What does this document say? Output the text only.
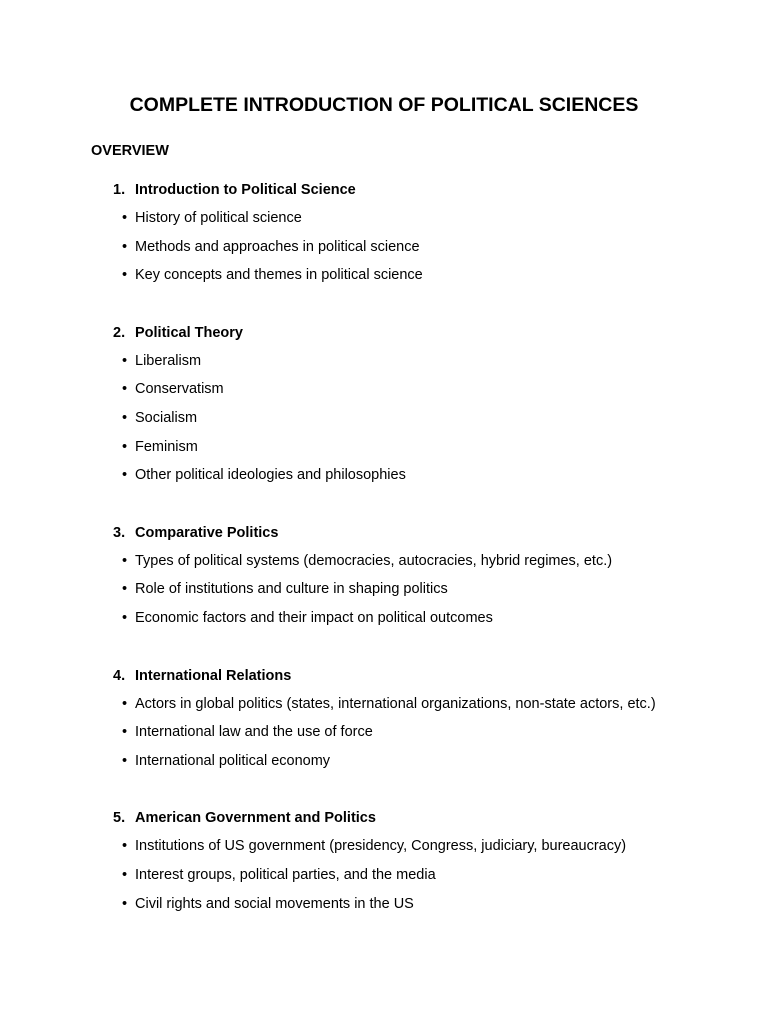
COMPLETE INTRODUCTION OF POLITICAL SCIENCES
OVERVIEW
1. Introduction to Political Science
• History of political science
• Methods and approaches in political science
• Key concepts and themes in political science
2. Political Theory
• Liberalism
• Conservatism
• Socialism
• Feminism
• Other political ideologies and philosophies
3. Comparative Politics
• Types of political systems (democracies, autocracies, hybrid regimes, etc.)
• Role of institutions and culture in shaping politics
• Economic factors and their impact on political outcomes
4. International Relations
• Actors in global politics (states, international organizations, non-state actors, etc.)
• International law and the use of force
• International political economy
5. American Government and Politics
• Institutions of US government (presidency, Congress, judiciary, bureaucracy)
• Interest groups, political parties, and the media
• Civil rights and social movements in the US
